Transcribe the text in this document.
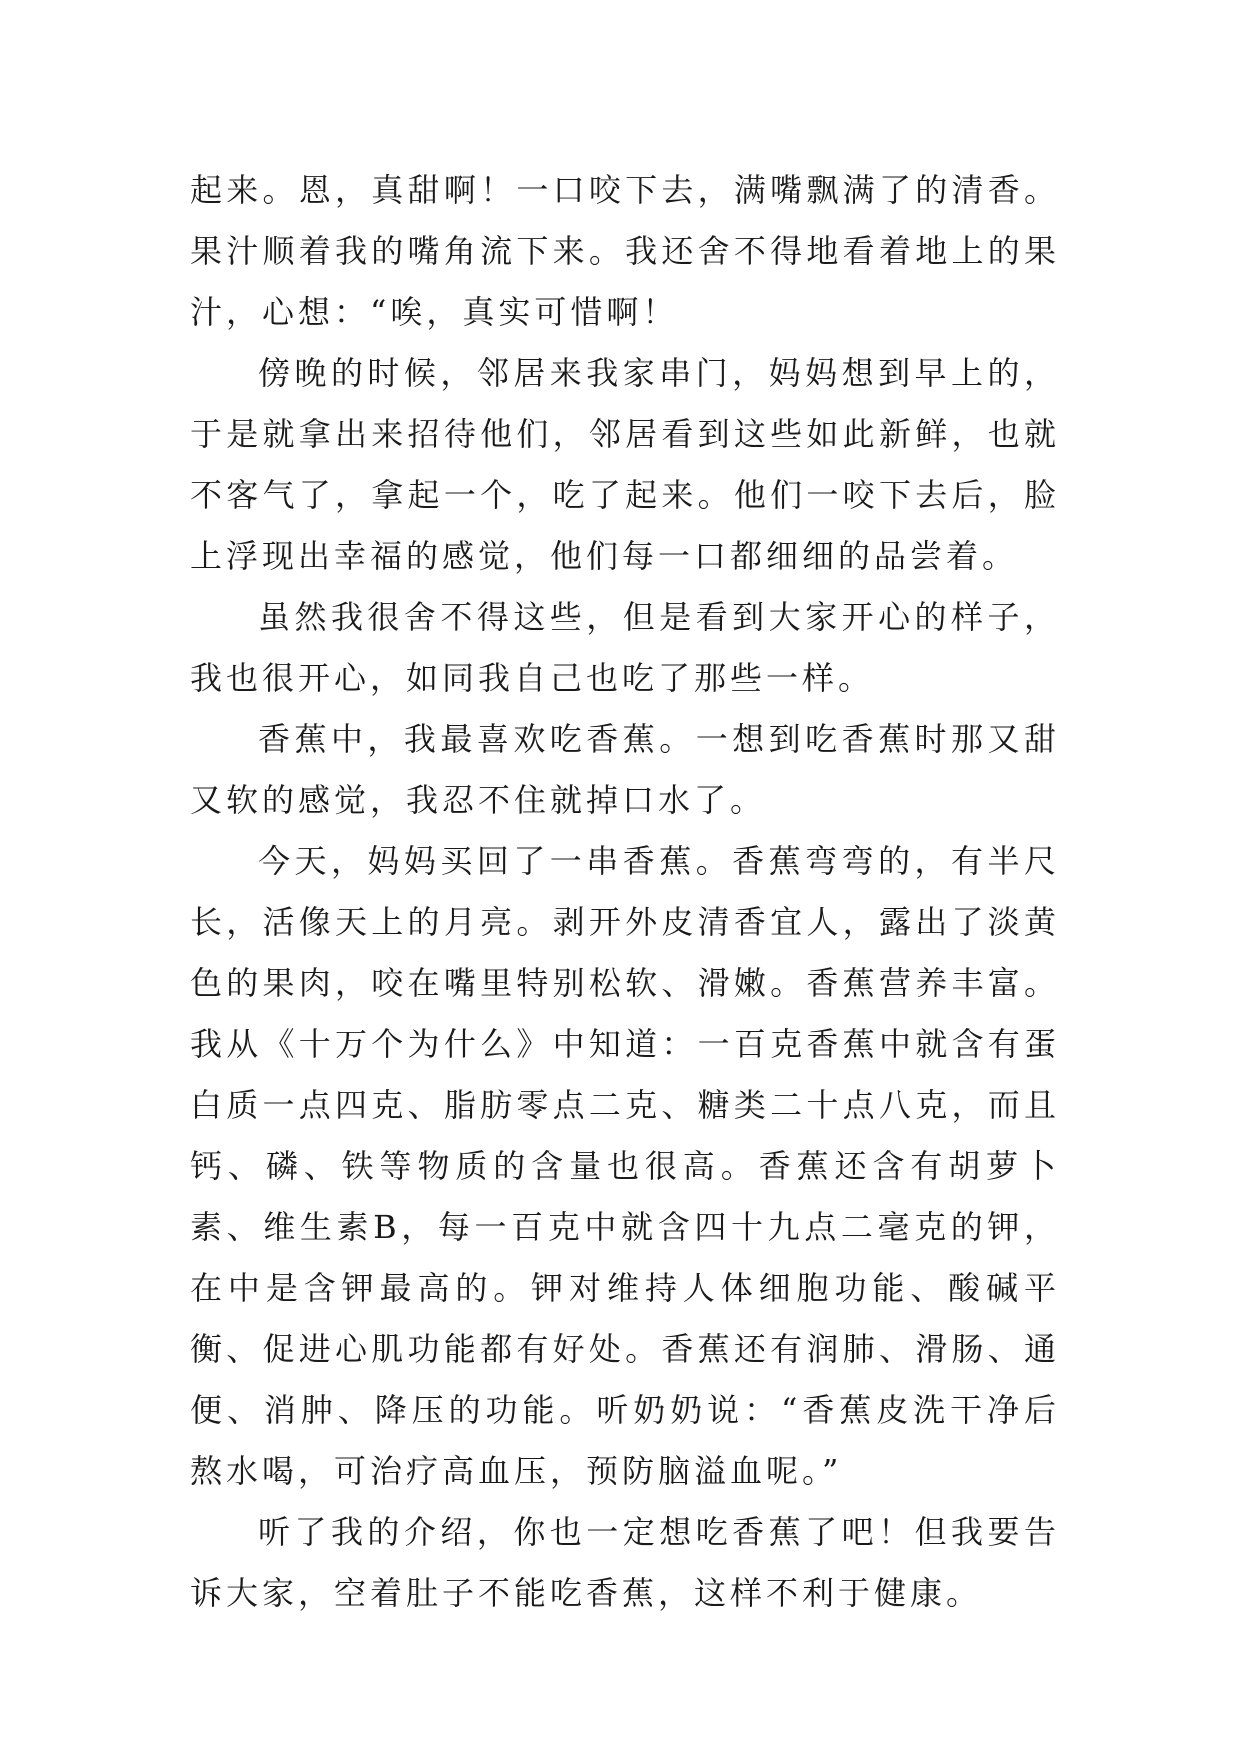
起来。恩，真甜啊！一口咬下去，满嘴飘满了的清香。果汁顺着我的嘴角流下来。我还舍不得地看着地上的果汁，心想：“唉，真实可惜啊！

傍晚的时候，邻居来我家串门，妈妈想到早上的，于是就拿出来招待他们，邻居看到这些如此新鲜，也就不客气了，拿起一个，吃了起来。他们一咬下去后，脸上浮现出幸福的感觉，他们每一口都细细的品尝着。

虽然我很舍不得这些，但是看到大家开心的样子，我也很开心，如同我自己也吃了那些一样。

香蕉中，我最喜欢吃香蕉。一想到吃香蕉时那又甜又软的感觉，我忍不住就掉口水了。

今天，妈妈买回了一串香蕉。香蕉弯弯的，有半尺长，活像天上的月亮。剥开外皮清香宜人，露出了淡黄色的果肉，咬在嘴里特别松软、滑嫩。香蕉营养丰富。我从《十万个为什么》中知道：一百克香蕉中就含有蛋白质一点四克、脂肪零点二克、糖类二十点八克，而且钙、磷、铁等物质的含量也很高。香蕉还含有胡萝卜素、维生素B，每一百克中就含四十九点二毫克的钾，在中是含钾最高的。钾对维持人体细胞功能、酸碱平衡、促进心肌功能都有好处。香蕉还有润肺、滑肠、通便、消肿、降压的功能。听奶奶说：“香蕉皮洗干净后熬水喝，可治疗高血压，预防脑溢血呢。”

听了我的介绍，你也一定想吃香蕉了吧！但我要告诉大家，空着肚子不能吃香蕉，这样不利于健康。
